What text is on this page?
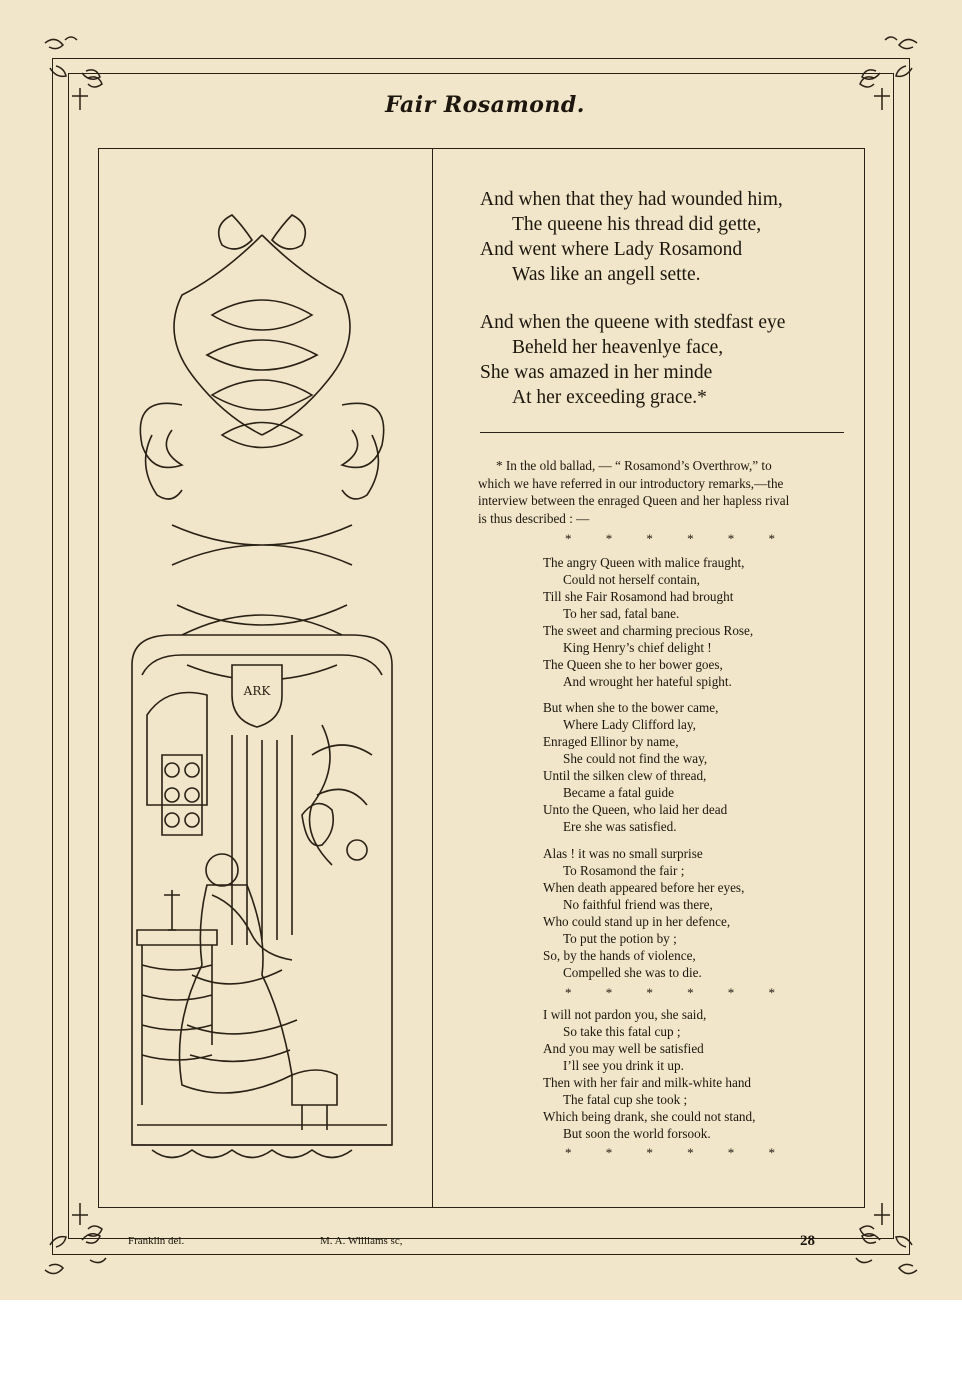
Fair Rosamond.
ARK
And when that they had wounded him,
The queene his thread did gette,
And went where Lady Rosamond
Was like an angell sette.
And when the queene with stedfast eye
Beheld her heavenlye face,
She was amazed in her minde
At her exceeding grace.*
* In the old ballad, — “ Rosamond’s Overthrow,” to
which we have referred in our introductory remarks,—the
interview between the enraged Queen and her hapless rival
is thus described : —
*	*	*	*	*	*
The angry Queen with malice fraught,
Could not herself contain,
Till she Fair Rosamond had brought
To her sad, fatal bane.
The sweet and charming precious Rose,
King Henry’s chief delight !
The Queen she to her bower goes,
And wrought her hateful spight.
But when she to the bower came,
Where Lady Clifford lay,
Enraged Ellinor by name,
She could not find the way,
Until the silken clew of thread,
Became a fatal guide
Unto the Queen, who laid her dead
Ere she was satisfied.
Alas ! it was no small surprise
To Rosamond the fair ;
When death appeared before her eyes,
No faithful friend was there,
Who could stand up in her defence,
To put the potion by ;
So, by the hands of violence,
Compelled she was to die.
*	*	*	*	*	*
I will not pardon you, she said,
So take this fatal cup ;
And you may well be satisfied
I’ll see you drink it up.
Then with her fair and milk-white hand
The fatal cup she took ;
Which being drank, she could not stand,
But soon the world forsook.
*	*	*	*	*	*
Franklin del.	M. A. Williams sc,	28
